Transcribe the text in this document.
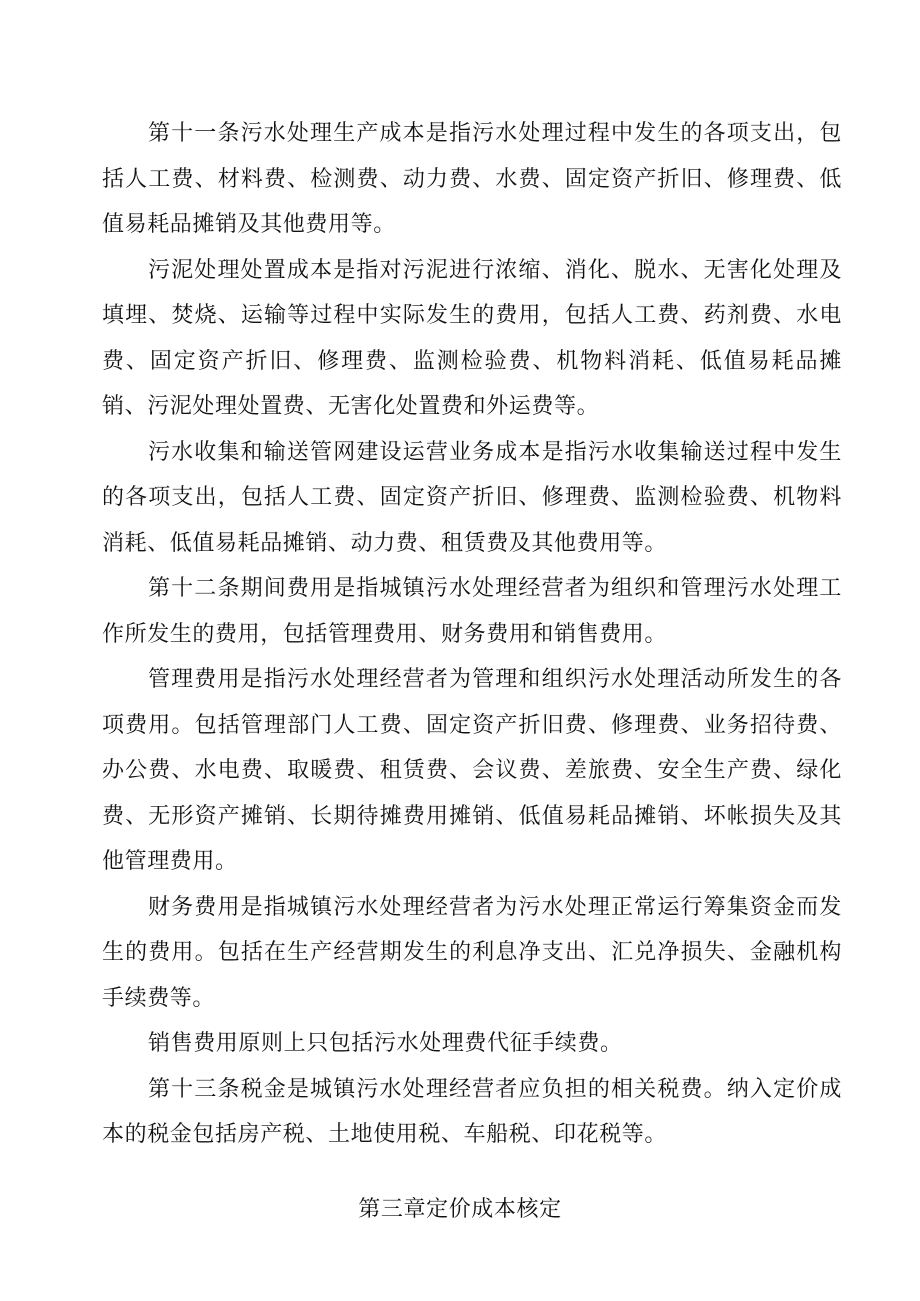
第十一条污水处理生产成本是指污水处理过程中发生的各项支出，包括人工费、材料费、检测费、动力费、水费、固定资产折旧、修理费、低值易耗品摊销及其他费用等。

污泥处理处置成本是指对污泥进行浓缩、消化、脱水、无害化处理及填埋、焚烧、运输等过程中实际发生的费用，包括人工费、药剂费、水电费、固定资产折旧、修理费、监测检验费、机物料消耗、低值易耗品摊销、污泥处理处置费、无害化处置费和外运费等。

污水收集和输送管网建设运营业务成本是指污水收集输送过程中发生的各项支出，包括人工费、固定资产折旧、修理费、监测检验费、机物料消耗、低值易耗品摊销、动力费、租赁费及其他费用等。

第十二条期间费用是指城镇污水处理经营者为组织和管理污水处理工作所发生的费用，包括管理费用、财务费用和销售费用。

管理费用是指污水处理经营者为管理和组织污水处理活动所发生的各项费用。包括管理部门人工费、固定资产折旧费、修理费、业务招待费、办公费、水电费、取暖费、租赁费、会议费、差旅费、安全生产费、绿化费、无形资产摊销、长期待摊费用摊销、低值易耗品摊销、坏帐损失及其他管理费用。

财务费用是指城镇污水处理经营者为污水处理正常运行筹集资金而发生的费用。包括在生产经营期发生的利息净支出、汇兑净损失、金融机构手续费等。

销售费用原则上只包括污水处理费代征手续费。

第十三条税金是城镇污水处理经营者应负担的相关税费。纳入定价成本的税金包括房产税、土地使用税、车船税、印花税等。

第三章定价成本核定
